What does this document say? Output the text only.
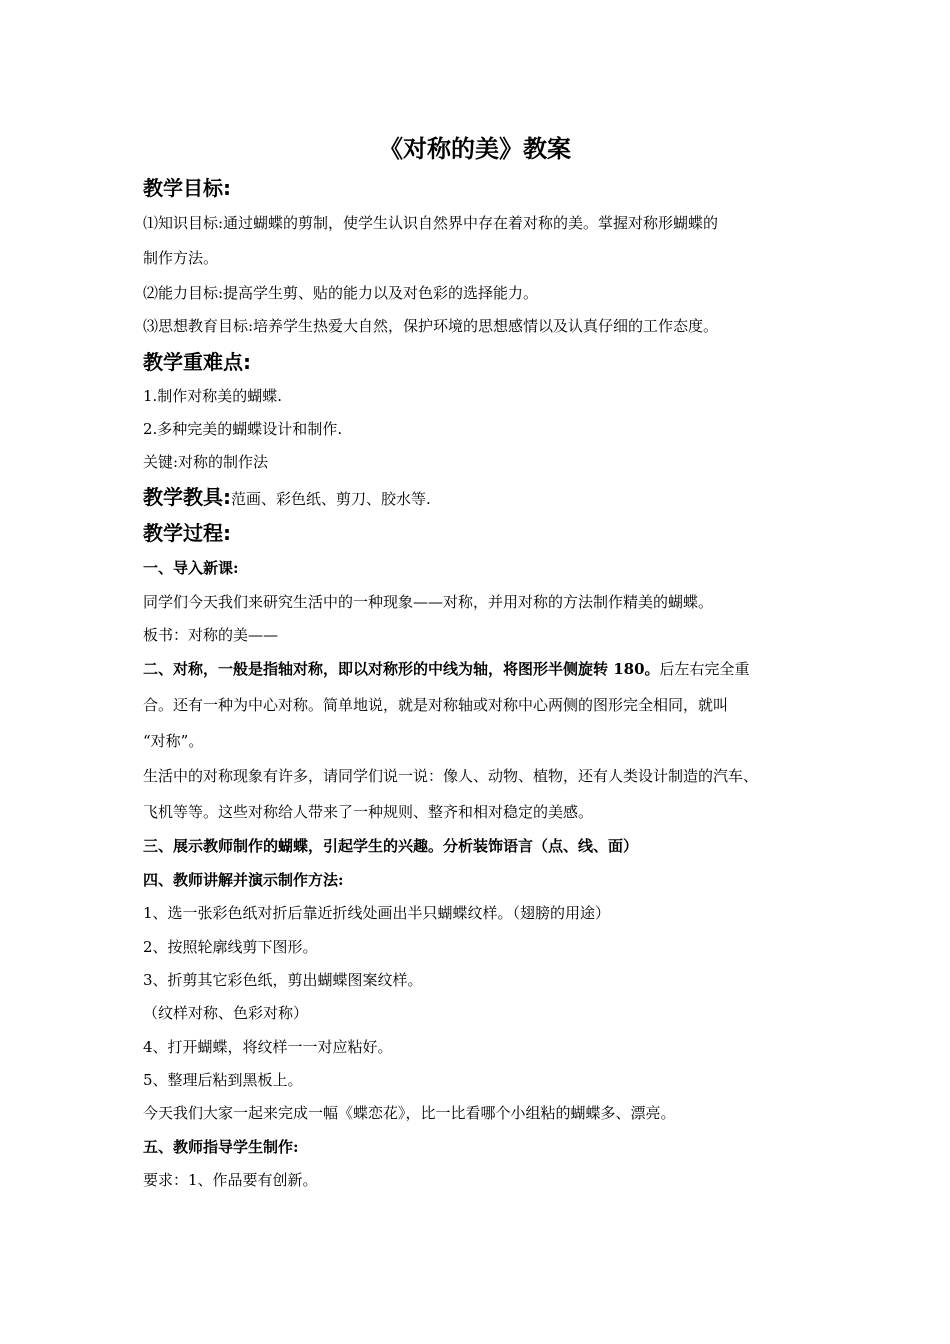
《对称的美》教案
教学目标:

⑴知识目标:通过蝴蝶的剪制，使学生认识自然界中存在着对称的美。掌握对称形蝴蝶的

制作方法。

⑵能力目标:提高学生剪、贴的能力以及对色彩的选择能力。

⑶思想教育目标:培养学生热爱大自然，保护环境的思想感情以及认真仔细的工作态度。

教学重难点:

1.制作对称美的蝴蝶.

2.多种完美的蝴蝶设计和制作.

关键:对称的制作法

教学教具:范画、彩色纸、剪刀、胶水等.
教学过程:

一、导入新课:

同学们今天我们来研究生活中的一种现象——对称，并用对称的方法制作精美的蝴蝶。

板书：对称的美——

二、对称，一般是指轴对称，即以对称形的中线为轴，将图形半侧旋转 180。后左右完全重

合。还有一种为中心对称。简单地说，就是对称轴或对称中心两侧的图形完全相同，就叫

“对称”。

生活中的对称现象有许多，请同学们说一说：像人、动物、植物，还有人类设计制造的汽车、

飞机等等。这些对称给人带来了一种规则、整齐和相对稳定的美感。

三、展示教师制作的蝴蝶，引起学生的兴趣。分析装饰语言（点、线、面）

四、教师讲解并演示制作方法:

1、选一张彩色纸对折后靠近折线处画出半只蝴蝶纹样。（翅膀的用途）

2、按照轮廓线剪下图形。

3、折剪其它彩色纸，剪出蝴蝶图案纹样。

（纹样对称、色彩对称）

4、打开蝴蝶，将纹样一一对应粘好。

5、整理后粘到黑板上。

今天我们大家一起来完成一幅《蝶恋花》，比一比看哪个小组粘的蝴蝶多、漂亮。

五、教师指导学生制作:

要求：1、作品要有创新。
